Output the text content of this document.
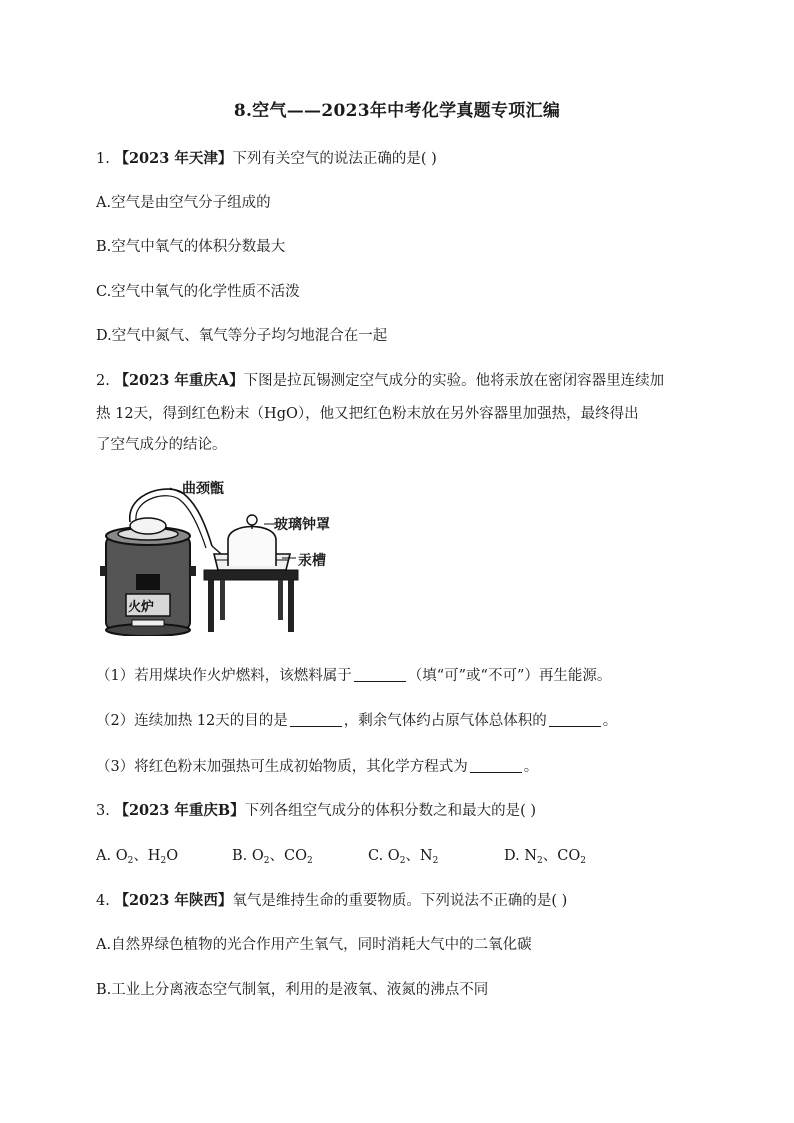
8.空气——2023年中考化学真题专项汇编
1. 【2023 年天津】下列有关空气的说法正确的是( )
A.空气是由空气分子组成的
B.空气中氧气的体积分数最大
C.空气中氧气的化学性质不活泼
D.空气中氮气、氧气等分子均匀地混合在一起
2. 【2023 年重庆A】下图是拉瓦锡测定空气成分的实验。他将汞放在密闭容器里连续加
热 12天，得到红色粉末（HgO），他又把红色粉末放在另外容器里加强热，最终得出
了空气成分的结论。
曲颈甑
玻璃钟罩
汞槽
火炉
（1）若用煤块作火炉燃料，该燃料属于	（填“可”或“不可”）再生能源。
（2）连续加热 12天的目的是	，剩余气体约占原气体总体积的	。
（3）将红色粉末加强热可生成初始物质，其化学方程式为	。
3. 【2023 年重庆B】下列各组空气成分的体积分数之和最大的是( )
A. $O_2$、$H_2O$	B. $O_2$、$CO_2$	C. $O_2$、$N_2$	D. $N_2$、$CO_2$
4. 【2023 年陕西】氧气是维持生命的重要物质。下列说法不正确的是( )
A.自然界绿色植物的光合作用产生氧气，同时消耗大气中的二氧化碳
B.工业上分离液态空气制氧，利用的是液氧、液氮的沸点不同
